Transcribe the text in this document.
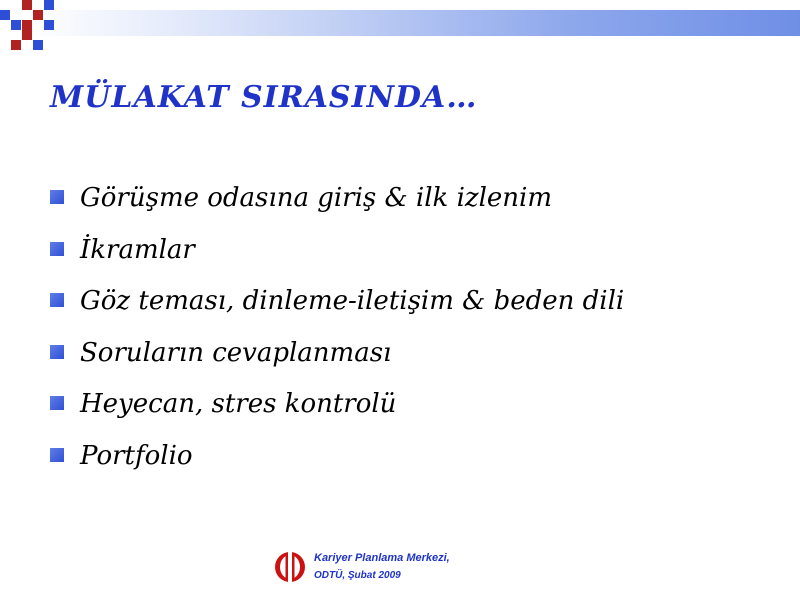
MÜLAKAT SIRASINDA…
Görüşme odasına giriş & ilk izlenim
İkramlar
Göz teması, dinleme-iletişim & beden dili
Soruların cevaplanması
Heyecan, stres kontrolü
Portfolio
Kariyer Planlama Merkezi,
ODTÜ, Şubat 2009
